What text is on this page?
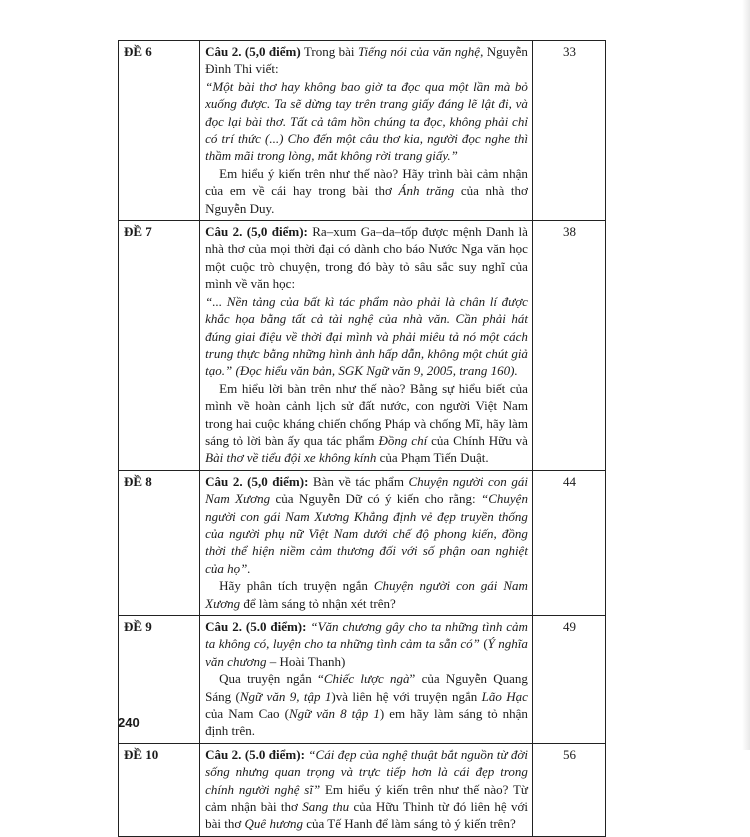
ĐỀ 6	Câu 2. (5,0 điểm) Trong bài Tiếng nói của văn nghệ, Nguyễn Đình Thi viết:

“Một bài thơ hay không bao giờ ta đọc qua một lần mà bỏ xuống được. Ta sẽ dừng tay trên trang giấy đáng lẽ lật đi, và đọc lại bài thơ. Tất cả tâm hồn chúng ta đọc, không phải chỉ có trí thức (...) Cho đến một câu thơ kia, người đọc nghe thì thầm mãi trong lòng, mắt không rời trang giấy.”

Em hiểu ý kiến trên như thế nào? Hãy trình bài cảm nhận của em về cái hay trong bài thơ Ánh trăng của nhà thơ Nguyễn Duy.	33
ĐỀ 7	Câu 2. (5,0 điểm): Ra–xum Ga–da–tốp được mệnh Danh là nhà thơ của mọi thời đại có dành cho báo Nước Nga văn học một cuộc trò chuyện, trong đó bày tỏ sâu sắc suy nghĩ của mình về văn học:

“... Nền tảng của bất kì tác phẩm nào phải là chân lí được khắc họa bằng tất cả tài nghệ của nhà văn. Cần phải hát đúng giai điệu về thời đại mình và phải miêu tả nó một cách trung thực bằng những hình ảnh hấp dẫn, không một chút giả tạo.” (Đọc hiểu văn bản, SGK Ngữ văn 9, 2005, trang 160).

Em hiểu lời bàn trên như thế nào? Bằng sự hiểu biết của mình về hoàn cảnh lịch sử đất nước, con người Việt Nam trong hai cuộc kháng chiến chống Pháp và chống Mĩ, hãy làm sáng tỏ lời bàn ấy qua tác phẩm Đồng chí của Chính Hữu và Bài thơ về tiểu đội xe không kính của Phạm Tiến Duật.	38
ĐỀ 8	Câu 2. (5,0 điểm): Bàn về tác phẩm Chuyện người con gái Nam Xương của Nguyễn Dữ có ý kiến cho rằng: “Chuyện người con gái Nam Xương Khẳng định vẻ đẹp truyền thống của người phụ nữ Việt Nam dưới chế độ phong kiến, đồng thời thể hiện niềm cảm thương đối với số phận oan nghiệt của họ”.

Hãy phân tích truyện ngắn Chuyện người con gái Nam Xương để làm sáng tỏ nhận xét trên?	44
ĐỀ 9	Câu 2. (5.0 điểm): “Văn chương gây cho ta những tình cảm ta không có, luyện cho ta những tình cảm ta sẵn có” (Ý nghĩa văn chương – Hoài Thanh)

Qua truyện ngắn “Chiếc lược ngà” của Nguyễn Quang Sáng (Ngữ văn 9, tập 1)và liên hệ với truyện ngắn Lão Hạc của Nam Cao (Ngữ văn 8 tập 1) em hãy làm sáng tỏ nhận định trên.	49
ĐỀ 10	Câu 2. (5.0 điểm): “Cái đẹp của nghệ thuật bắt nguồn từ đời sống nhưng quan trọng và trực tiếp hơn là cái đẹp trong chính người nghệ sĩ” Em hiểu ý kiến trên như thế nào? Từ cảm nhận bài thơ Sang thu của Hữu Thỉnh từ đó liên hệ với bài thơ Quê hương của Tế Hanh để làm sáng tỏ ý kiến trên?	56
240
